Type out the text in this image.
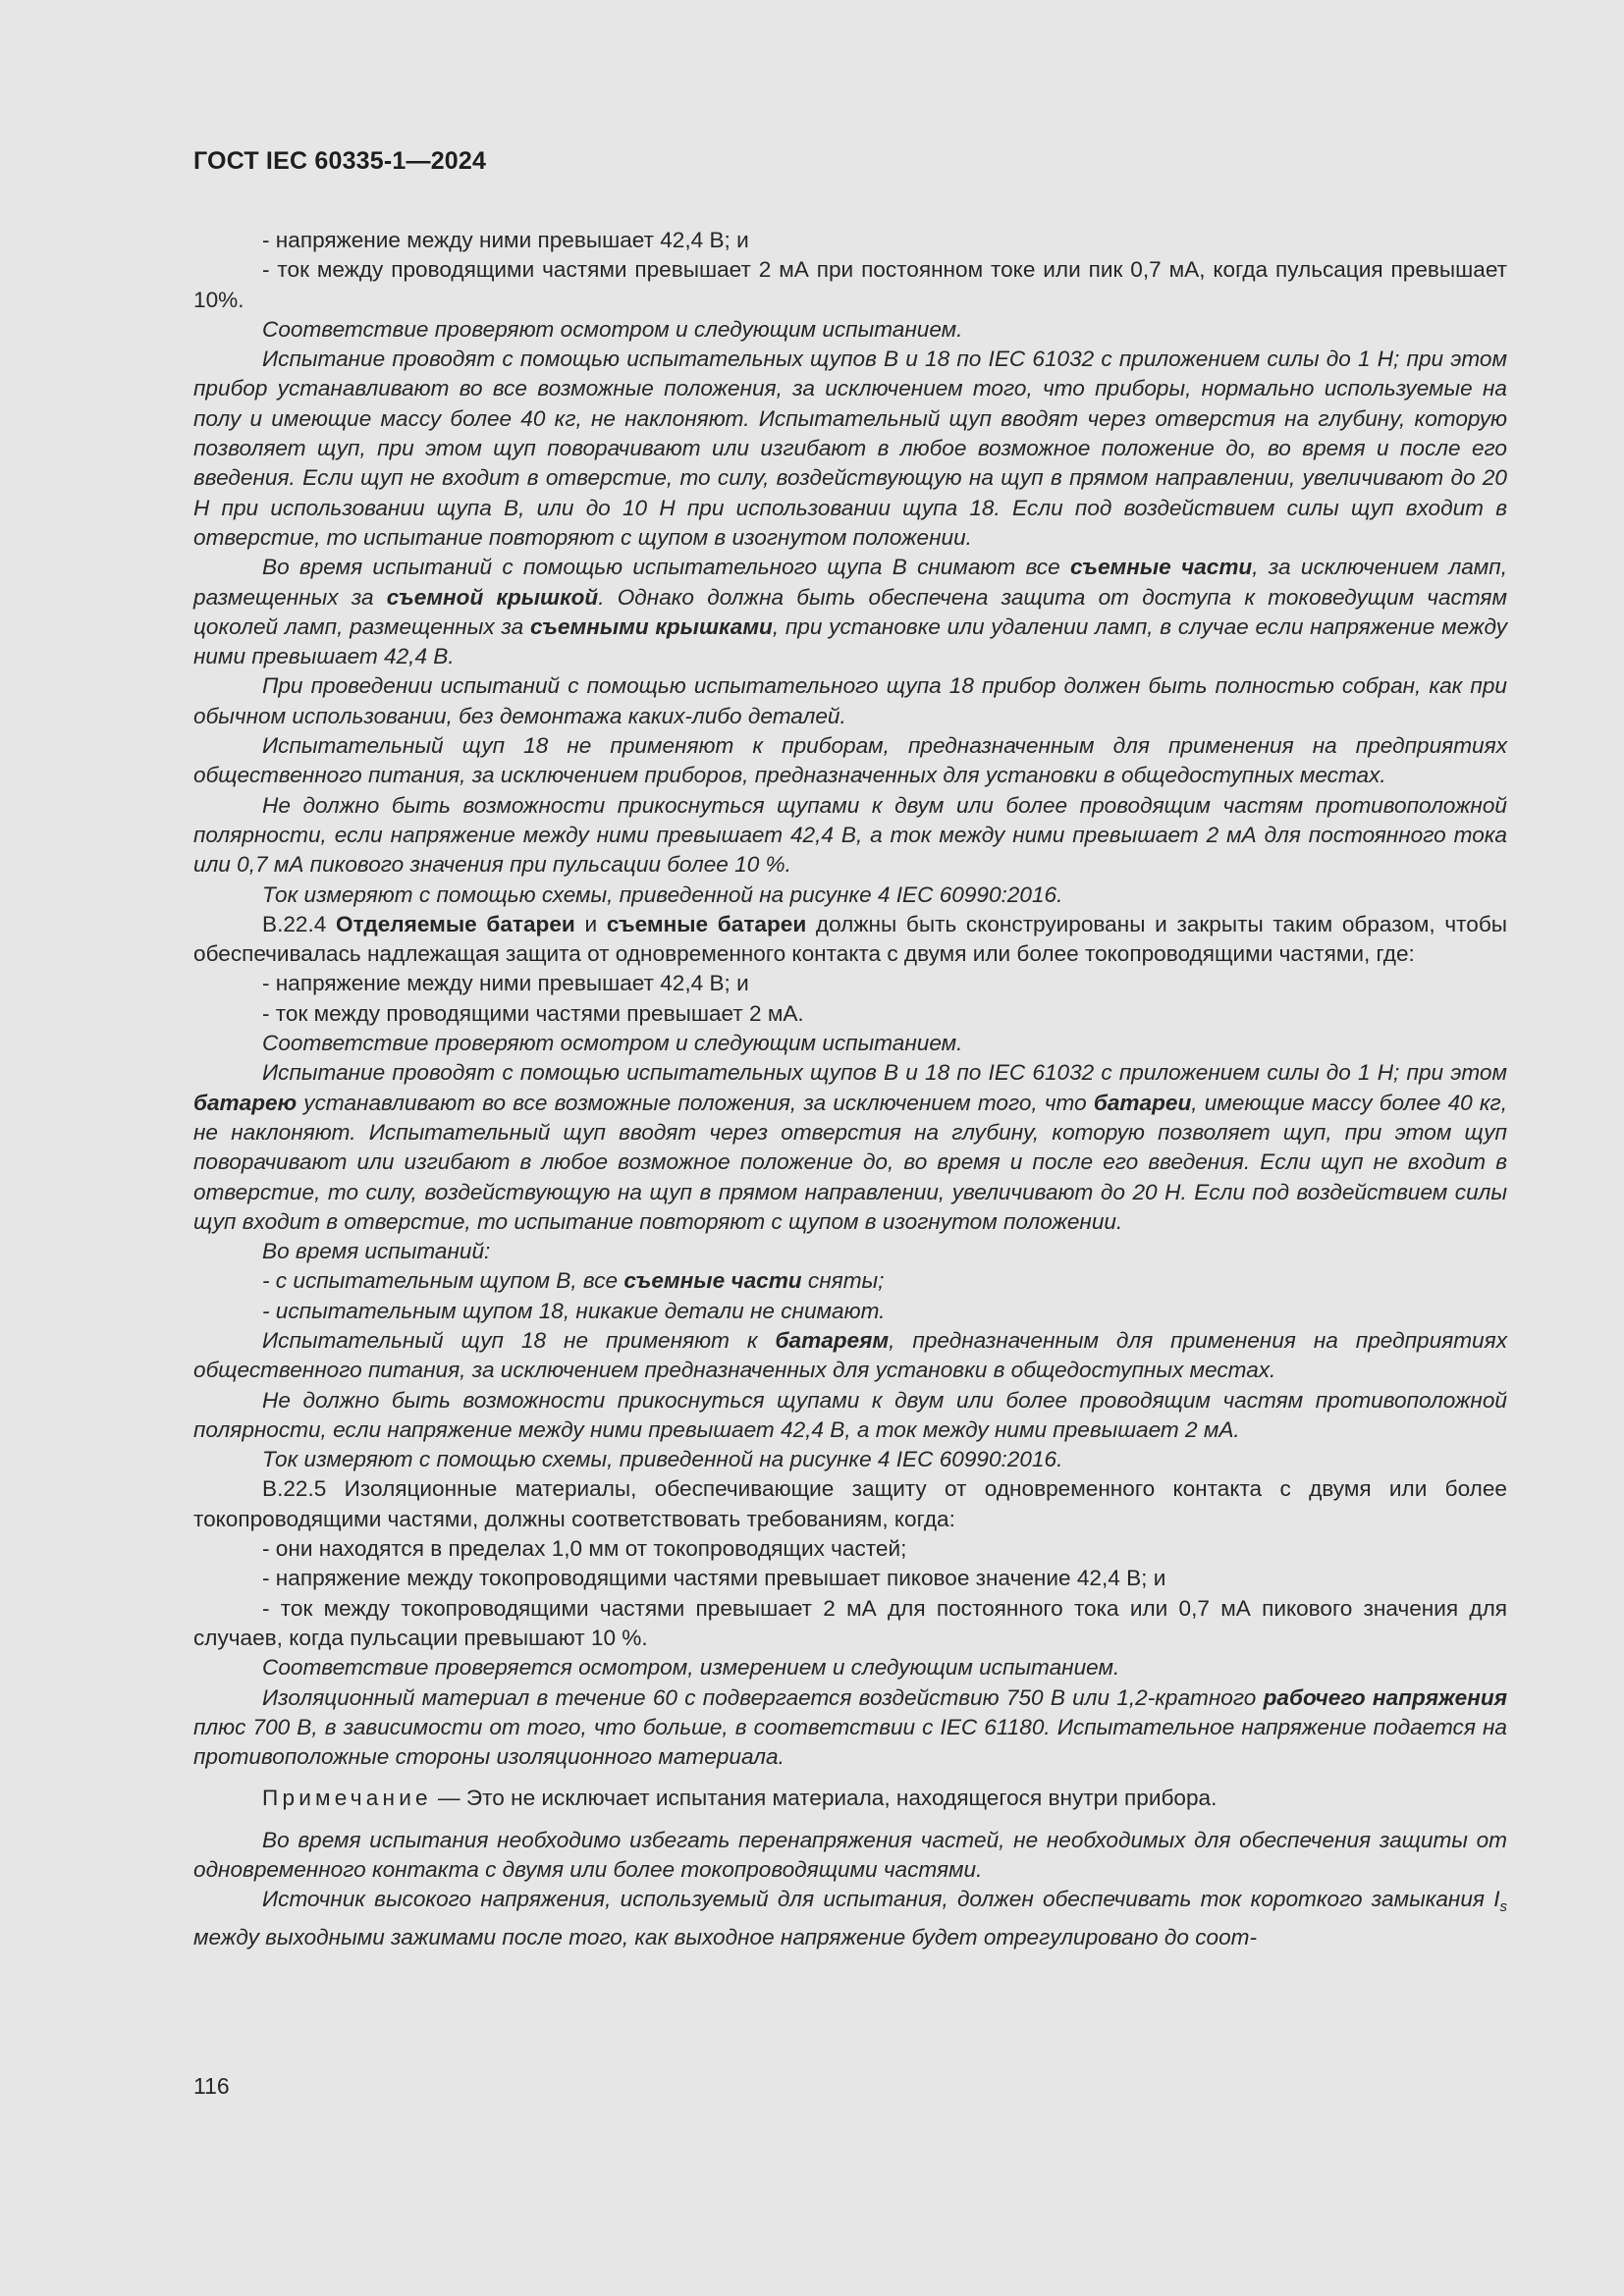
ГОСТ IEC 60335-1—2024

- напряжение между ними превышает 42,4 В; и

- ток между проводящими частями превышает 2 мА при постоянном токе или пик 0,7 мА, когда пульсация превышает 10%.

Соответствие проверяют осмотром и следующим испытанием.

Испытание проводят с помощью испытательных щупов В и 18 по IEC 61032 с приложением силы до 1 Н; при этом прибор устанавливают во все возможные положения, за исключением того, что приборы, нормально используемые на полу и имеющие массу более 40 кг, не наклоняют. Испытательный щуп вводят через отверстия на глубину, которую позволяет щуп, при этом щуп поворачивают или изгибают в любое возможное положение до, во время и после его введения. Если щуп не входит в отверстие, то силу, воздействующую на щуп в прямом направлении, увеличивают до 20 Н при использовании щупа В, или до 10 Н при использовании щупа 18. Если под воздействием силы щуп входит в отверстие, то испытание повторяют с щупом в изогнутом положении.

Во время испытаний с помощью испытательного щупа В снимают все съемные части, за исключением ламп, размещенных за съемной крышкой. Однако должна быть обеспечена защита от доступа к токоведущим частям цоколей ламп, размещенных за съемными крышками, при установке или удалении ламп, в случае если напряжение между ними превышает 42,4 В.

При проведении испытаний с помощью испытательного щупа 18 прибор должен быть полностью собран, как при обычном использовании, без демонтажа каких-либо деталей.

Испытательный щуп 18 не применяют к приборам, предназначенным для применения на предприятиях общественного питания, за исключением приборов, предназначенных для установки в общедоступных местах.

Не должно быть возможности прикоснуться щупами к двум или более проводящим частям противоположной полярности, если напряжение между ними превышает 42,4 В, а ток между ними превышает 2 мА для постоянного тока или 0,7 мА пикового значения при пульсации более 10 %.

Ток измеряют с помощью схемы, приведенной на рисунке 4 IEC 60990:2016.

В.22.4 Отделяемые батареи и съемные батареи должны быть сконструированы и закрыты таким образом, чтобы обеспечивалась надлежащая защита от одновременного контакта с двумя или более токопроводящими частями, где:

- напряжение между ними превышает 42,4 В; и

- ток между проводящими частями превышает 2 мА.

Соответствие проверяют осмотром и следующим испытанием.

Испытание проводят с помощью испытательных щупов В и 18 по IEC 61032 с приложением силы до 1 Н; при этом батарею устанавливают во все возможные положения, за исключением того, что батареи, имеющие массу более 40 кг, не наклоняют. Испытательный щуп вводят через отверстия на глубину, которую позволяет щуп, при этом щуп поворачивают или изгибают в любое возможное положение до, во время и после его введения. Если щуп не входит в отверстие, то силу, воздействующую на щуп в прямом направлении, увеличивают до 20 Н. Если под воздействием силы щуп входит в отверстие, то испытание повторяют с щупом в изогнутом положении.

Во время испытаний:

- с испытательным щупом В, все съемные части сняты;

- испытательным щупом 18, никакие детали не снимают.

Испытательный щуп 18 не применяют к батареям, предназначенным для применения на предприятиях общественного питания, за исключением предназначенных для установки в общедоступных местах.

Не должно быть возможности прикоснуться щупами к двум или более проводящим частям противоположной полярности, если напряжение между ними превышает 42,4 В, а ток между ними превышает 2 мА.

Ток измеряют с помощью схемы, приведенной на рисунке 4 IEC 60990:2016.

В.22.5 Изоляционные материалы, обеспечивающие защиту от одновременного контакта с двумя или более токопроводящими частями, должны соответствовать требованиям, когда:

- они находятся в пределах 1,0 мм от токопроводящих частей;

- напряжение между токопроводящими частями превышает пиковое значение 42,4 В; и

- ток между токопроводящими частями превышает 2 мА для постоянного тока или 0,7 мА пикового значения для случаев, когда пульсации превышают 10 %.

Соответствие проверяется осмотром, измерением и следующим испытанием.

Изоляционный материал в течение 60 с подвергается воздействию 750 В или 1,2-кратного рабочего напряжения плюс 700 В, в зависимости от того, что больше, в соответствии с IEC 61180. Испытательное напряжение подается на противоположные стороны изоляционного материала.

Примечание — Это не исключает испытания материала, находящегося внутри прибора.

Во время испытания необходимо избегать перенапряжения частей, не необходимых для обеспечения защиты от одновременного контакта с двумя или более токопроводящими частями.

Источник высокого напряжения, используемый для испытания, должен обеспечивать ток короткого замыкания $I_s$ между выходными зажимами после того, как выходное напряжение будет отрегулировано до соот-

116
